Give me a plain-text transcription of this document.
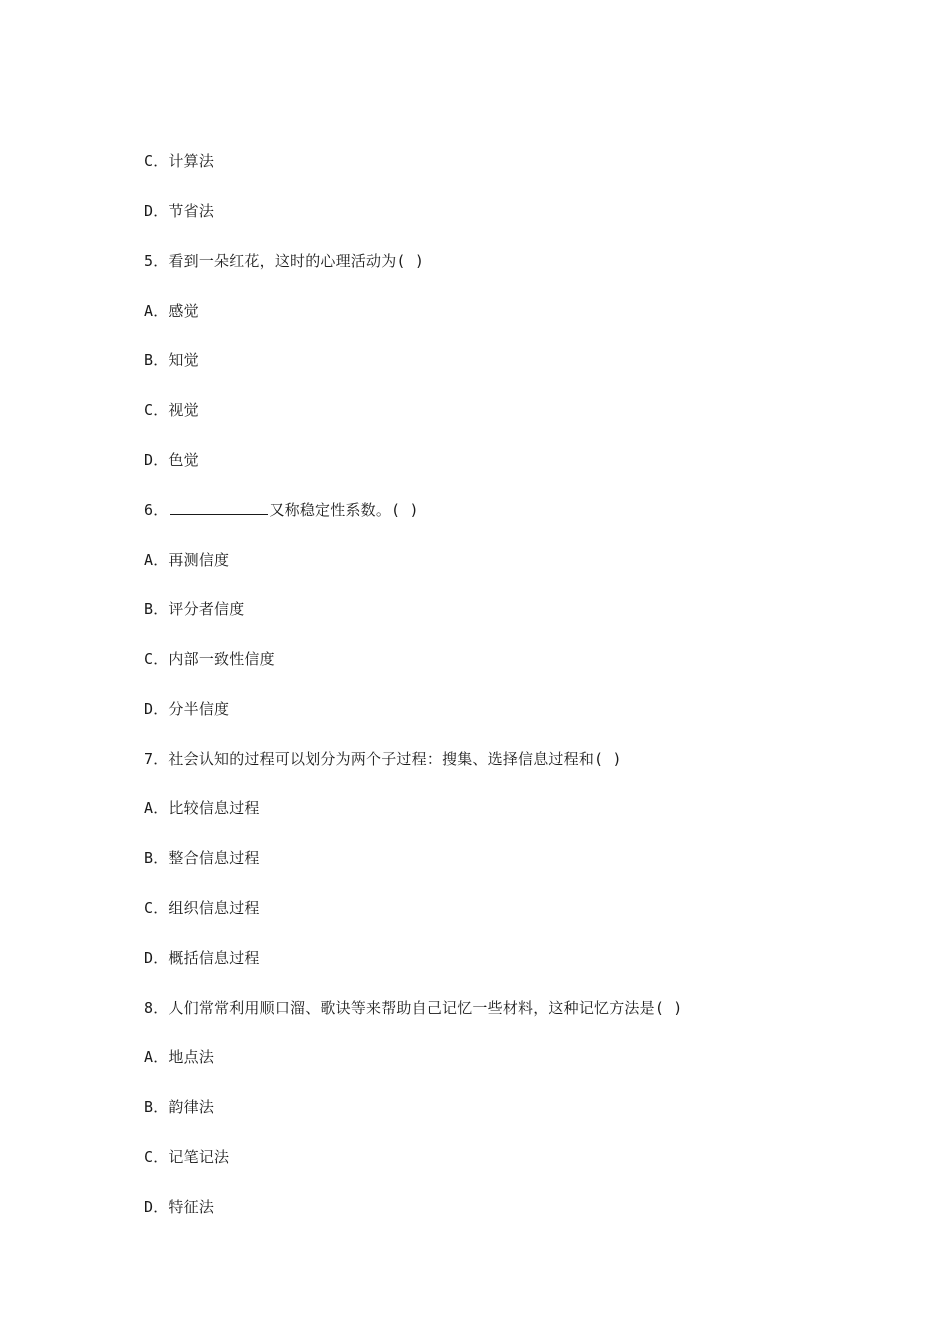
C．计算法
D．节省法
5．看到一朵红花，这时的心理活动为( )
A．感觉
B．知觉
C．视觉
D．色觉
6．	又称稳定性系数。( )
A．再测信度
B．评分者信度
C．内部一致性信度
D．分半信度
7．社会认知的过程可以划分为两个子过程：搜集、选择信息过程和( )
A．比较信息过程
B．整合信息过程
C．组织信息过程
D．概括信息过程
8．人们常常利用顺口溜、歌诀等来帮助自己记忆一些材料，这种记忆方法是( )
A．地点法
B．韵律法
C．记笔记法
D．特征法
